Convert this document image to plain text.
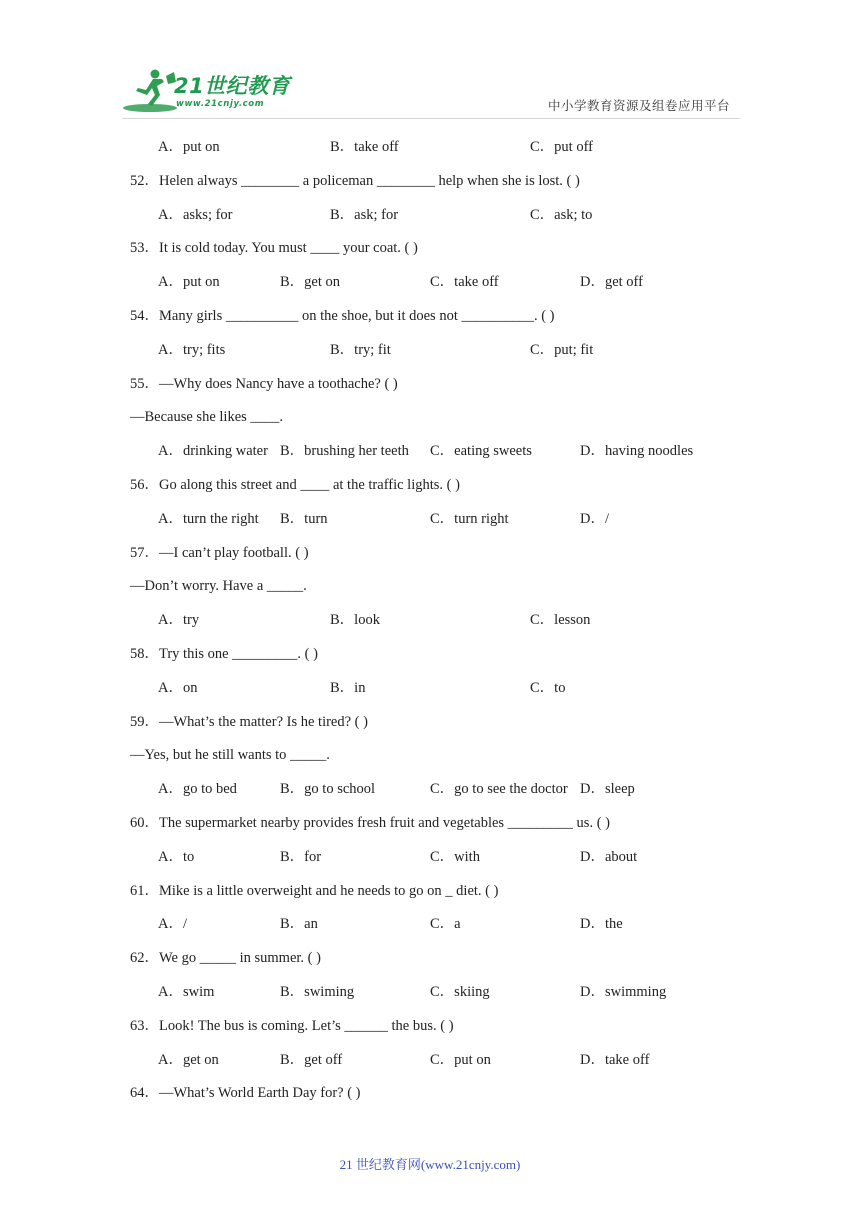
21世纪教育
www.21cnjy.com	中小学教育资源及组卷应用平台
A．put on	B．take off	C．put off
52．Helen always ________ a policeman ________ help when she is lost. ( )
A．asks; for	B．ask; for	C．ask; to
53．It is cold today. You must ____ your coat. ( )
A．put on	B．get on	C．take off	D．get off
54．Many girls __________ on the shoe, but it does not __________. ( )
A．try; fits	B．try; fit	C．put; fit
55．—Why does Nancy have a toothache? ( )
—Because she likes ____.
A．drinking water B．brushing her teeth C．eating sweets	D．having noodles
56．Go along this street and ____ at the traffic lights. ( )
A．turn the right B．turn	C．turn right	D．/
57．—I can’t play football. ( )
—Don’t worry. Have a _____.
A．try	B．look	C．lesson
58．Try this one _________. ( )
A．on	B．in	C．to
59．—What’s the matter? Is he tired? ( )
—Yes, but he still wants to _____.
A．go to bed	B．go to school	C．go to see the doctor D．sleep
60．The supermarket nearby provides fresh fruit and vegetables _________ us. ( )
A．to	B．for	C．with	D．about
61．Mike is a little overweight and he needs to go on _ diet. ( )
A．/	B．an	C．a	D．the
62．We go _____ in summer. ( )
A．swim	B．swiming	C．skiing	D．swimming
63．Look! The bus is coming. Let’s ______ the bus. ( )
A．get on	B．get off	C．put on	D．take off
64．—What’s World Earth Day for? ( )
21 世纪教育网(www.21cnjy.com)
